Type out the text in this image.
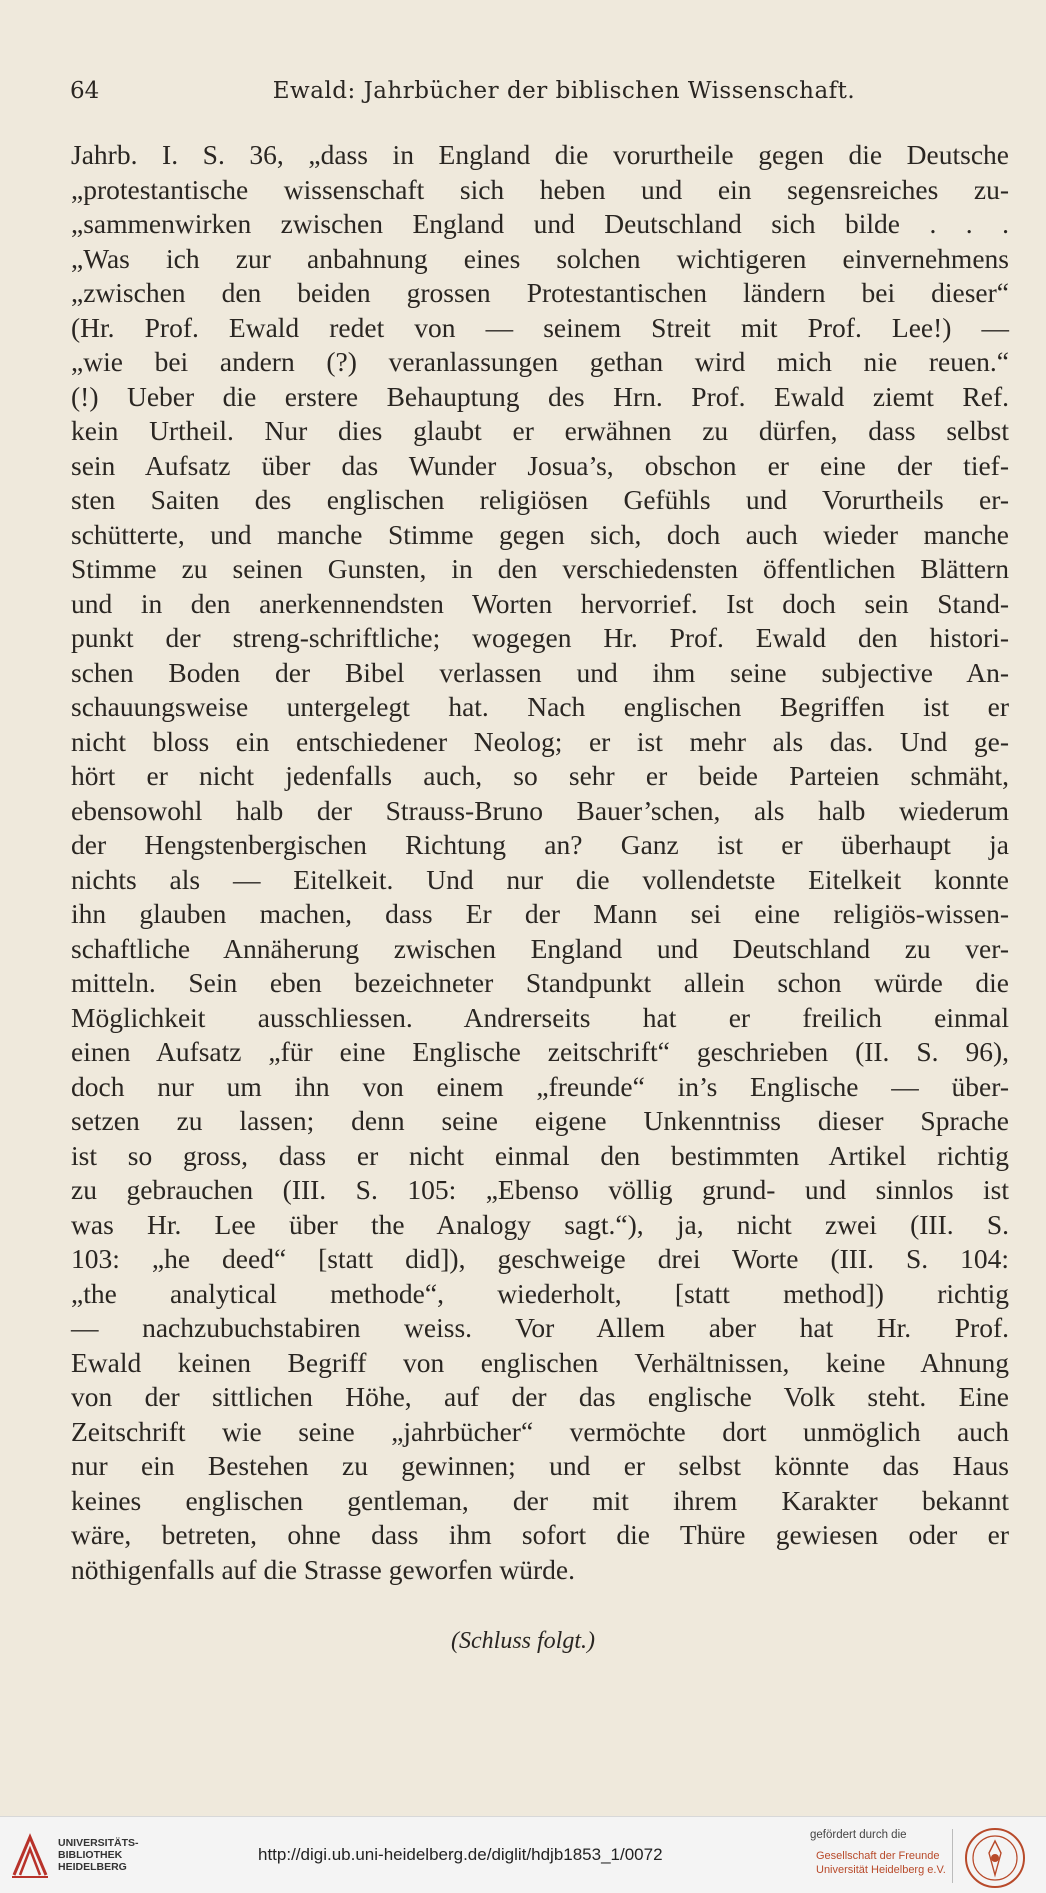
64	Ewald: Jahrbücher der biblischen Wissenschaft.
Jahrb. I. S. 36, „dass in England die vorurtheile gegen die Deutsche
„protestantische wissenschaft sich heben und ein segensreiches zu-
„sammenwirken zwischen England und Deutschland sich bilde . . .
„Was ich zur anbahnung eines solchen wichtigeren einvernehmens
„zwischen den beiden grossen Protestantischen ländern bei dieser“
(Hr. Prof. Ewald redet von — seinem Streit mit Prof. Lee!) —
„wie bei andern (?) veranlassungen gethan wird mich nie reuen.“
(!) Ueber die erstere Behauptung des Hrn. Prof. Ewald ziemt Ref.
kein Urtheil. Nur dies glaubt er erwähnen zu dürfen, dass selbst
sein Aufsatz über das Wunder Josua’s, obschon er eine der tief-
sten Saiten des englischen religiösen Gefühls und Vorurtheils er-
schütterte, und manche Stimme gegen sich, doch auch wieder manche
Stimme zu seinen Gunsten, in den verschiedensten öffentlichen Blättern
und in den anerkennendsten Worten hervorrief. Ist doch sein Stand-
punkt der streng-schriftliche; wogegen Hr. Prof. Ewald den histori-
schen Boden der Bibel verlassen und ihm seine subjective An-
schauungsweise untergelegt hat. Nach englischen Begriffen ist er
nicht bloss ein entschiedener Neolog; er ist mehr als das. Und ge-
hört er nicht jedenfalls auch, so sehr er beide Parteien schmäht,
ebensowohl halb der Strauss-Bruno Bauer’schen, als halb wiederum
der Hengstenbergischen Richtung an? Ganz ist er überhaupt ja
nichts als — Eitelkeit. Und nur die vollendetste Eitelkeit konnte
ihn glauben machen, dass Er der Mann sei eine religiös-wissen-
schaftliche Annäherung zwischen England und Deutschland zu ver-
mitteln. Sein eben bezeichneter Standpunkt allein schon würde die
Möglichkeit ausschliessen. Andrerseits hat er freilich einmal
einen Aufsatz „für eine Englische zeitschrift“ geschrieben (II. S. 96),
doch nur um ihn von einem „freunde“ in’s Englische — über-
setzen zu lassen; denn seine eigene Unkenntniss dieser Sprache
ist so gross, dass er nicht einmal den bestimmten Artikel richtig
zu gebrauchen (III. S. 105: „Ebenso völlig grund- und sinnlos ist
was Hr. Lee über the Analogy sagt.“), ja, nicht zwei (III. S.
103: „he deed“ [statt did]), geschweige drei Worte (III. S. 104:
„the analytical methode“, wiederholt, [statt method]) richtig
— nachzubuchstabiren weiss. Vor Allem aber hat Hr. Prof.
Ewald keinen Begriff von englischen Verhältnissen, keine Ahnung
von der sittlichen Höhe, auf der das englische Volk steht. Eine
Zeitschrift wie seine „jahrbücher“ vermöchte dort unmöglich auch
nur ein Bestehen zu gewinnen; und er selbst könnte das Haus
keines englischen gentleman, der mit ihrem Karakter bekannt
wäre, betreten, ohne dass ihm sofort die Thüre gewiesen oder er
nöthigenfalls auf die Strasse geworfen würde.
(Schluss folgt.)
UNIVERSITÄTS-
BIBLIOTHEK
HEIDELBERG
http://digi.ub.uni-heidelberg.de/diglit/hdjb1853_1/0072
gefördert durch die
Gesellschaft der Freunde
Universität Heidelberg e.V.
